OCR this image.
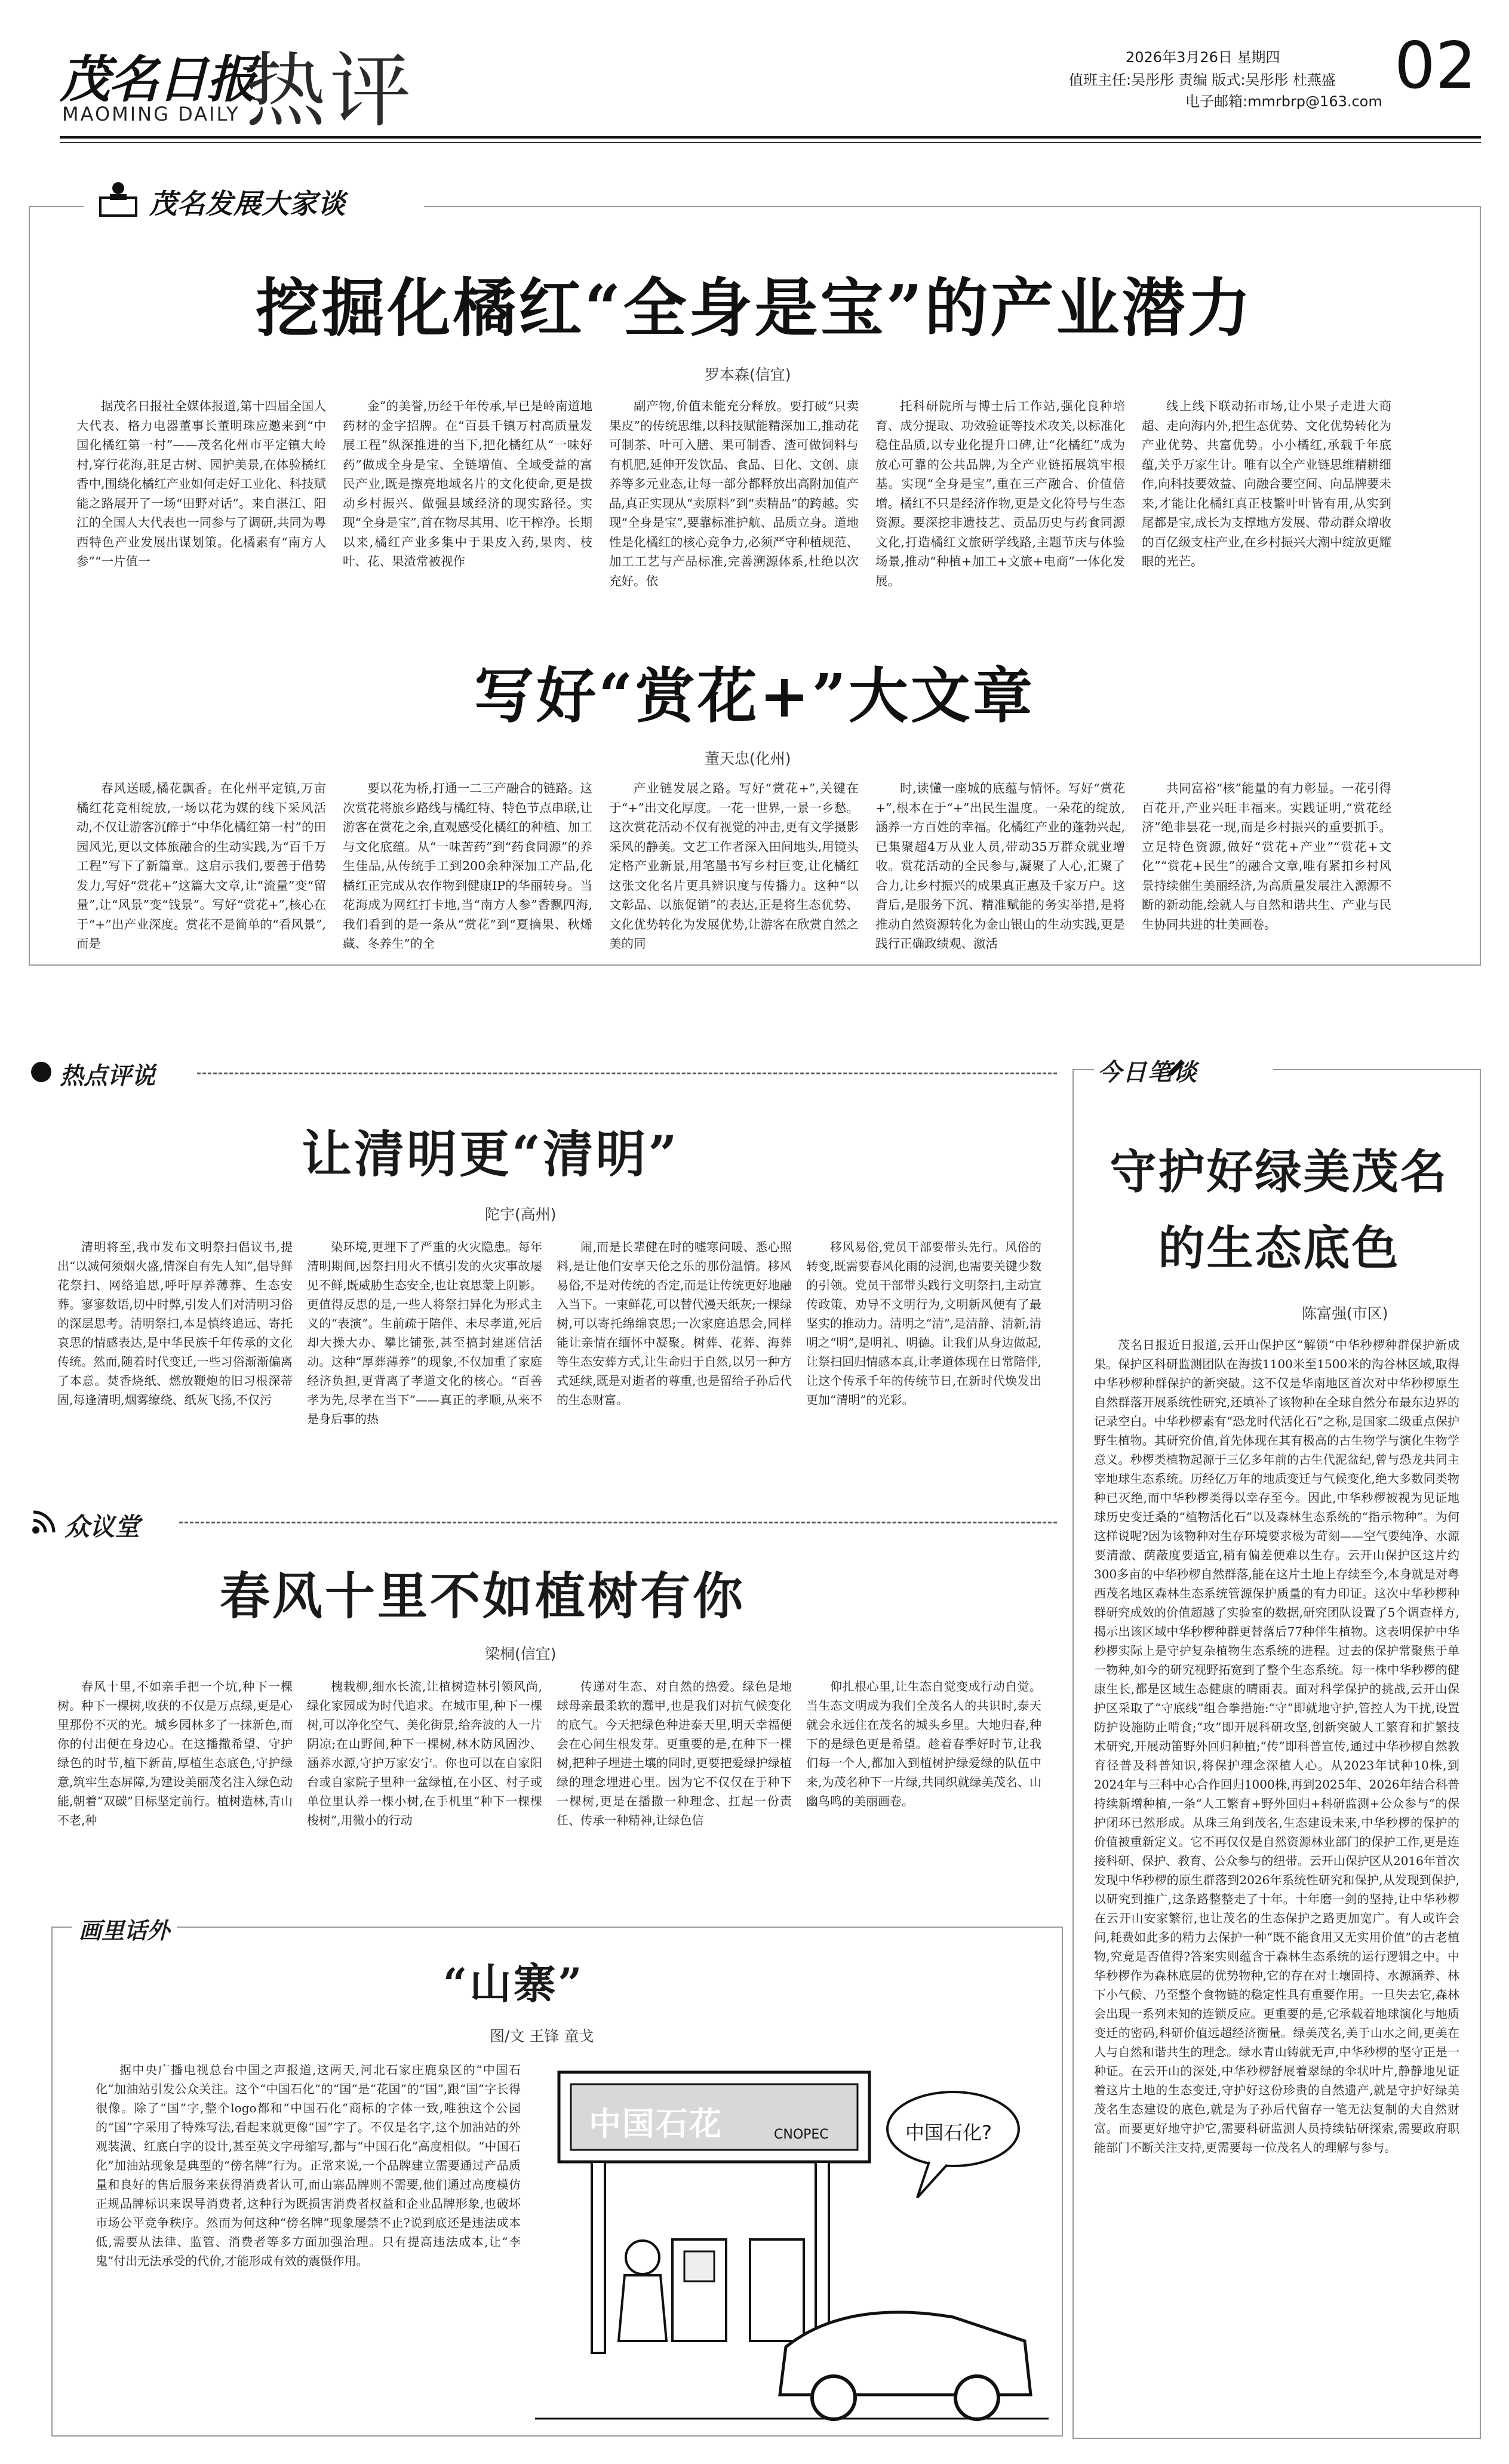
茂名日报
MAOMING DAILY 热评	2026年3月26日 星期四
值班主任:吴彤彤 责编 版式:吴彤彤 杜燕盛
电子邮箱:mmrbrp@163.com 02
茂名发展大家谈
挖掘化橘红“全身是宝”的产业潜力
罗本森(信宜)

据茂名日报社全媒体报道,第十四届全国人大代表、格力电器董事长董明珠应邀来到“中国化橘红第一村”——茂名化州市平定镇大岭村,穿行花海,驻足古树、园护美景,在体验橘红香中,围绕化橘红产业如何走好工业化、科技赋能之路展开了一场“田野对话”。来自湛江、阳江的全国人大代表也一同参与了调研,共同为粤西特色产业发展出谋划策。化橘素有“南方人参”“一片值一

金”的美誉,历经千年传承,早已是岭南道地药材的金字招牌。在“百县千镇万村高质量发展工程”纵深推进的当下,把化橘红从“一味好药”做成全身是宝、全链增值、全域受益的富民产业,既是擦亮地域名片的文化使命,更是拔动乡村振兴、做强县域经济的现实路径。实现“全身是宝”,首在物尽其用、吃干榨净。长期以来,橘红产业多集中于果皮入药,果肉、枝叶、花、果渣常被视作

副产物,价值未能充分释放。要打破“只卖果皮”的传统思维,以科技赋能精深加工,推动花可制茶、叶可入膳、果可制香、渣可做饲料与有机肥,延伸开发饮品、食品、日化、文创、康养等多元业态,让每一部分都释放出高附加值产品,真正实现从“卖原料”到“卖精品”的跨越。实现“全身是宝”,要靠标准护航、品质立身。道地性是化橘红的核心竞争力,必须严守种植规范、加工工艺与产品标准,完善溯源体系,杜绝以次充好。依

托科研院所与博士后工作站,强化良种培育、成分提取、功效验证等技术攻关,以标准化稳住品质,以专业化提升口碑,让“化橘红”成为放心可靠的公共品牌,为全产业链拓展筑牢根基。实现“全身是宝”,重在三产融合、价值倍增。橘红不只是经济作物,更是文化符号与生态资源。要深挖非遗技艺、贡品历史与药食同源文化,打造橘红文旅研学线路,主题节庆与体验场景,推动“种植+加工+文旅+电商”一体化发展。

线上线下联动拓市场,让小果子走进大商超、走向海内外,把生态优势、文化优势转化为产业优势、共富优势。小小橘红,承载千年底蕴,关乎万家生计。唯有以全产业链思维精耕细作,向科技要效益、向融合要空间、向品牌要未来,才能让化橘红真正枝繁叶叶皆有用,从实到尾都是宝,成长为支撑地方发展、带动群众增收的百亿级支柱产业,在乡村振兴大潮中绽放更耀眼的光芒。

写好“赏花+”大文章
董天忠(化州)

春风送暖,橘花飘香。在化州平定镇,万亩橘红花竞相绽放,一场以花为媒的线下采风活动,不仅让游客沉醉于“中华化橘红第一村”的田园风光,更以文体旅融合的生动实践,为“百千万工程”写下了新篇章。这启示我们,要善于借势发力,写好“赏花+”这篇大文章,让“流量”变“留量”,让“风景”变“钱景”。写好“赏花+”,核心在于“+”出产业深度。赏花不是简单的“看风景”,而是

要以花为桥,打通一二三产融合的链路。这次赏花将旅乡路线与橘红特、特色节点串联,让游客在赏花之余,直观感受化橘红的种植、加工与文化底蕴。从“一味苦药”到“药食同源”的养生佳品,从传统手工到200余种深加工产品,化橘红正完成从农作物到健康IP的华丽转身。当花海成为网红打卡地,当“南方人参”香飘四海,我们看到的是一条从“赏花”到“夏摘果、秋烯藏、冬养生”的全

产业链发展之路。写好“赏花+”,关键在于“+”出文化厚度。一花一世界,一景一乡愁。这次赏花活动不仅有视觉的冲击,更有文学摄影采风的静美。文艺工作者深入田间地头,用镜头定格产业新景,用笔墨书写乡村巨变,让化橘红这张文化名片更具辨识度与传播力。这种“以文彰品、以旅促销”的表达,正是将生态优势、文化优势转化为发展优势,让游客在欣赏自然之美的同

时,读懂一座城的底蕴与情怀。写好“赏花+”,根本在于“+”出民生温度。一朵花的绽放,涵养一方百姓的幸福。化橘红产业的蓬勃兴起,已集聚超4万从业人员,带动35万群众就业增收。赏花活动的全民参与,凝聚了人心,汇聚了合力,让乡村振兴的成果真正惠及千家万户。这背后,是服务下沉、精准赋能的务实举措,是将推动自然资源转化为金山银山的生动实践,更是践行正确政绩观、激活

共同富裕“核”能量的有力彰显。一花引得百花开,产业兴旺丰福来。实践证明,“赏花经济”绝非昙花一现,而是乡村振兴的重要抓手。立足特色资源,做好“赏花+产业”“赏花+文化”“赏花+民生”的融合文章,唯有紧扣乡村风景持续催生美丽经济,为高质量发展注入源源不断的新动能,绘就人与自然和谐共生、产业与民生协同共进的壮美画卷。

热点评说
让清明更“清明”
陀宇(高州)

清明将至,我市发布文明祭扫倡议书,提出“以减何须烟火盛,情深自有先人知”,倡导鲜花祭扫、网络追思,呼吁厚养薄葬、生态安葬。寥寥数语,切中时弊,引发人们对清明习俗的深层思考。清明祭扫,本是慎终追远、寄托哀思的情感表达,是中华民族千年传承的文化传统。然而,随着时代变迁,一些习俗渐渐偏离了本意。焚香烧纸、燃放鞭炮的旧习根深蒂固,每逢清明,烟雾缭绕、纸灰飞扬,不仅污

染环境,更埋下了严重的火灾隐患。每年清明期间,因祭扫用火不慎引发的火灾事故屡见不鲜,既威胁生态安全,也让哀思蒙上阴影。更值得反思的是,一些人将祭扫异化为形式主义的“表演”。生前疏于陪伴、未尽孝道,死后却大操大办、攀比铺张,甚至搞封建迷信活动。这种“厚葬薄养”的现象,不仅加重了家庭经济负担,更背离了孝道文化的核心。“百善孝为先,尽孝在当下”——真正的孝顺,从来不是身后事的热

闹,而是长辈健在时的嘘寒问暖、悉心照料,是让他们安享天伦之乐的那份温情。移风易俗,不是对传统的否定,而是让传统更好地融入当下。一束鲜花,可以替代漫天纸灰;一棵绿树,可以寄托绵绵哀思;一次家庭追思会,同样能让亲情在缅怀中凝聚。树葬、花葬、海葬等生态安葬方式,让生命归于自然,以另一种方式延续,既是对逝者的尊重,也是留给子孙后代的生态财富。

移风易俗,党员干部要带头先行。风俗的转变,既需要春风化雨的浸润,也需要关键少数的引领。党员干部带头践行文明祭扫,主动宣传政策、劝导不文明行为,文明新风便有了最坚实的推动力。清明之“清”,是清静、清新,清明之“明”,是明礼、明德。让我们从身边做起,让祭扫回归情感本真,让孝道体现在日常陪伴,让这个传承千年的传统节日,在新时代焕发出更加“清明”的光彩。

众议堂
春风十里不如植树有你
梁桐(信宜)

春风十里,不如亲手把一个坑,种下一棵树。种下一棵树,收获的不仅是万点绿,更是心里那份不灭的光。城乡园林多了一抹新色,而你的付出便在身边心。在这播撒希望、守护绿色的时节,植下新苗,厚植生态底色,守护绿意,筑牢生态屏障,为建设美丽茂名注入绿色动能,朝着“双碳”目标坚定前行。植树造林,青山不老,种

槐栽柳,细水长流,让植树造林引领风尚,绿化家园成为时代追求。在城市里,种下一棵树,可以净化空气、美化街景,给奔波的人一片阴凉;在山野间,种下一棵树,林木防风固沙、涵养水源,守护万家安宁。你也可以在自家阳台或自家院子里种一盆绿植,在小区、村子或单位里认养一棵小树,在手机里“种下一棵棵梭树”,用微小的行动

传递对生态、对自然的热爱。绿色是地球母亲最柔软的蠢甲,也是我们对抗气候变化的底气。今天把绿色种进泰天里,明天幸福便会在心间生根发芽。更重要的是,在种下一棵树,把种子埋进土壤的同时,更要把爱绿护绿植绿的理念埋进心里。因为它不仅仅在于种下一棵树,更是在播撒一种理念、扛起一份责任、传承一种精神,让绿色信

仰扎根心里,让生态自觉变成行动自觉。当生态文明成为我们全茂名人的共识时,泰天就会永远住在茂名的城头乡里。大地归春,种下的是绿色更是希望。趁着春季好时节,让我们每一个人,都加入到植树护绿爱绿的队伍中来,为茂名种下一片绿,共同织就绿美茂名、山幽鸟鸣的美丽画卷。

画里话外
“山寨”
图/文 王锋 童戈

据中央广播电视总台中国之声报道,这两天,河北石家庄鹿泉区的“中国石化”加油站引发公众关注。这个“中国石化”的“国”是“花国”的“国”,跟“国”字长得很像。除了“国”字,整个logo都和“中国石化”商标的字体一致,唯独这个公园的“国”字采用了特殊写法,看起来就更像“国”字了。不仅是名字,这个加油站的外观装潢、红底白字的设计,甚至英文字母缩写,都与“中国石化”高度相似。“中国石化”加油站现象是典型的“傍名牌”行为。正常来说,一个品牌建立需要通过产品质量和良好的售后服务来获得消费者认可,而山寨品牌则不需要,他们通过高度模仿正规品牌标识来误导消费者,这种行为既损害消费者权益和企业品牌形象,也破坏市场公平竞争秩序。然而为何这种“傍名牌”现象屡禁不止?说到底还是违法成本低,需要从法律、监管、消费者等多方面加强治理。只有提高违法成本,让“李鬼”付出无法承受的代价,才能形成有效的震慑作用。

中国石花	CNOPEC	中国石化?
今日笔谈
守护好绿美茂名
的生态底色
陈富强(市区)

茂名日报近日报道,云开山保护区“解锁”中华秒椤种群保护新成果。保护区科研监测团队在海拔1100米至1500米的沟谷林区域,取得中华秒椤种群保护的新突破。这不仅是华南地区首次对中华秒椤原生自然群落开展系统性研究,还填补了该物种在全球自然分布最东边界的记录空白。中华秒椤素有“恐龙时代活化石”之称,是国家二级重点保护野生植物。其研究价值,首先体现在其有极高的古生物学与演化生物学意义。秒椤类植物起源于三亿多年前的古生代泥盆纪,曾与恐龙共同主宰地球生态系统。历经亿万年的地质变迁与气候变化,绝大多数同类物种已灭绝,而中华秒椤类得以幸存至今。因此,中华秒椤被视为见证地球历史变迁桑的“植物活化石”以及森林生态系统的“指示物种”。为何这样说呢?因为该物种对生存环境要求极为苛刻——空气要纯净、水源要清澈、荫蔽度要适宜,稍有偏差便难以生存。云开山保护区这片约300多亩的中华秒椤自然群落,能在这片土地上存续至今,本身就是对粤西茂名地区森林生态系统管源保护质量的有力印证。这次中华秒椤种群研究成效的价值超越了实验室的数据,研究团队设置了5个调查样方,揭示出该区域中华秒椤种群更替落后77种伴生植物。这表明保护中华秒椤实际上是守护复杂植物生态系统的进程。过去的保护常聚焦于单一物种,如今的研究视野拓宽到了整个生态系统。每一株中华秒椤的健康生长,都是区域生态健康的晴雨表。面对科学保护的挑战,云开山保护区采取了“守底线”组合拳措施:“守”即就地守护,管控人为干扰,设置防护设施防止啃食;“攻”即开展科研攻坚,创新突破人工繁育和扩繁技术研究,开展动笛野外回归种植;“传”即科普宣传,通过中华秒椤自然教育径普及科普知识,将保护理念深植人心。从2023年试种10株,到2024年与三科中心合作回归1000株,再到2025年、2026年结合科普持续新增种植,一条“人工繁育+野外回归+科研监测+公众参与”的保护闭环已然形成。从珠三角到茂名,生态建设未来,中华秒椤的保护的价值被重新定义。它不再仅仅是自然资源林业部门的保护工作,更是连接科研、保护、教育、公众参与的纽带。云开山保护区从2016年首次发现中华秒椤的原生群落到2026年系统性研究和保护,从发现到保护,以研究到推广,这条路整整走了十年。十年磨一剑的坚持,让中华秒椤在云开山安家繁衍,也让茂名的生态保护之路更加宽广。有人或许会问,耗费如此多的精力去保护一种“既不能食用又无实用价值”的古老植物,究竟是否值得?答案实则蕴含于森林生态系统的运行逻辑之中。中华秒椤作为森林底层的优势物种,它的存在对土壤固持、水源涵养、林下小气候、乃至整个食物链的稳定性具有重要作用。一旦失去它,森林会出现一系列未知的连锁反应。更重要的是,它承载着地球演化与地质变迁的密码,科研价值远超经济衡量。绿美茂名,美于山水之间,更美在人与自然和谐共生的理念。绿水青山铸就无声,中华秒椤的坚守正是一种证。在云开山的深处,中华秒椤舒展着翠绿的伞状叶片,静静地见证着这片土地的生态变迁,守护好这份珍贵的自然遗产,就是守护好绿美茂名生态建设的底色,就是为子孙后代留存一笔无法复制的大自然财富。而要更好地守护它,需要科研监测人员持续钻研探索,需要政府职能部门不断关注支持,更需要每一位茂名人的理解与参与。
